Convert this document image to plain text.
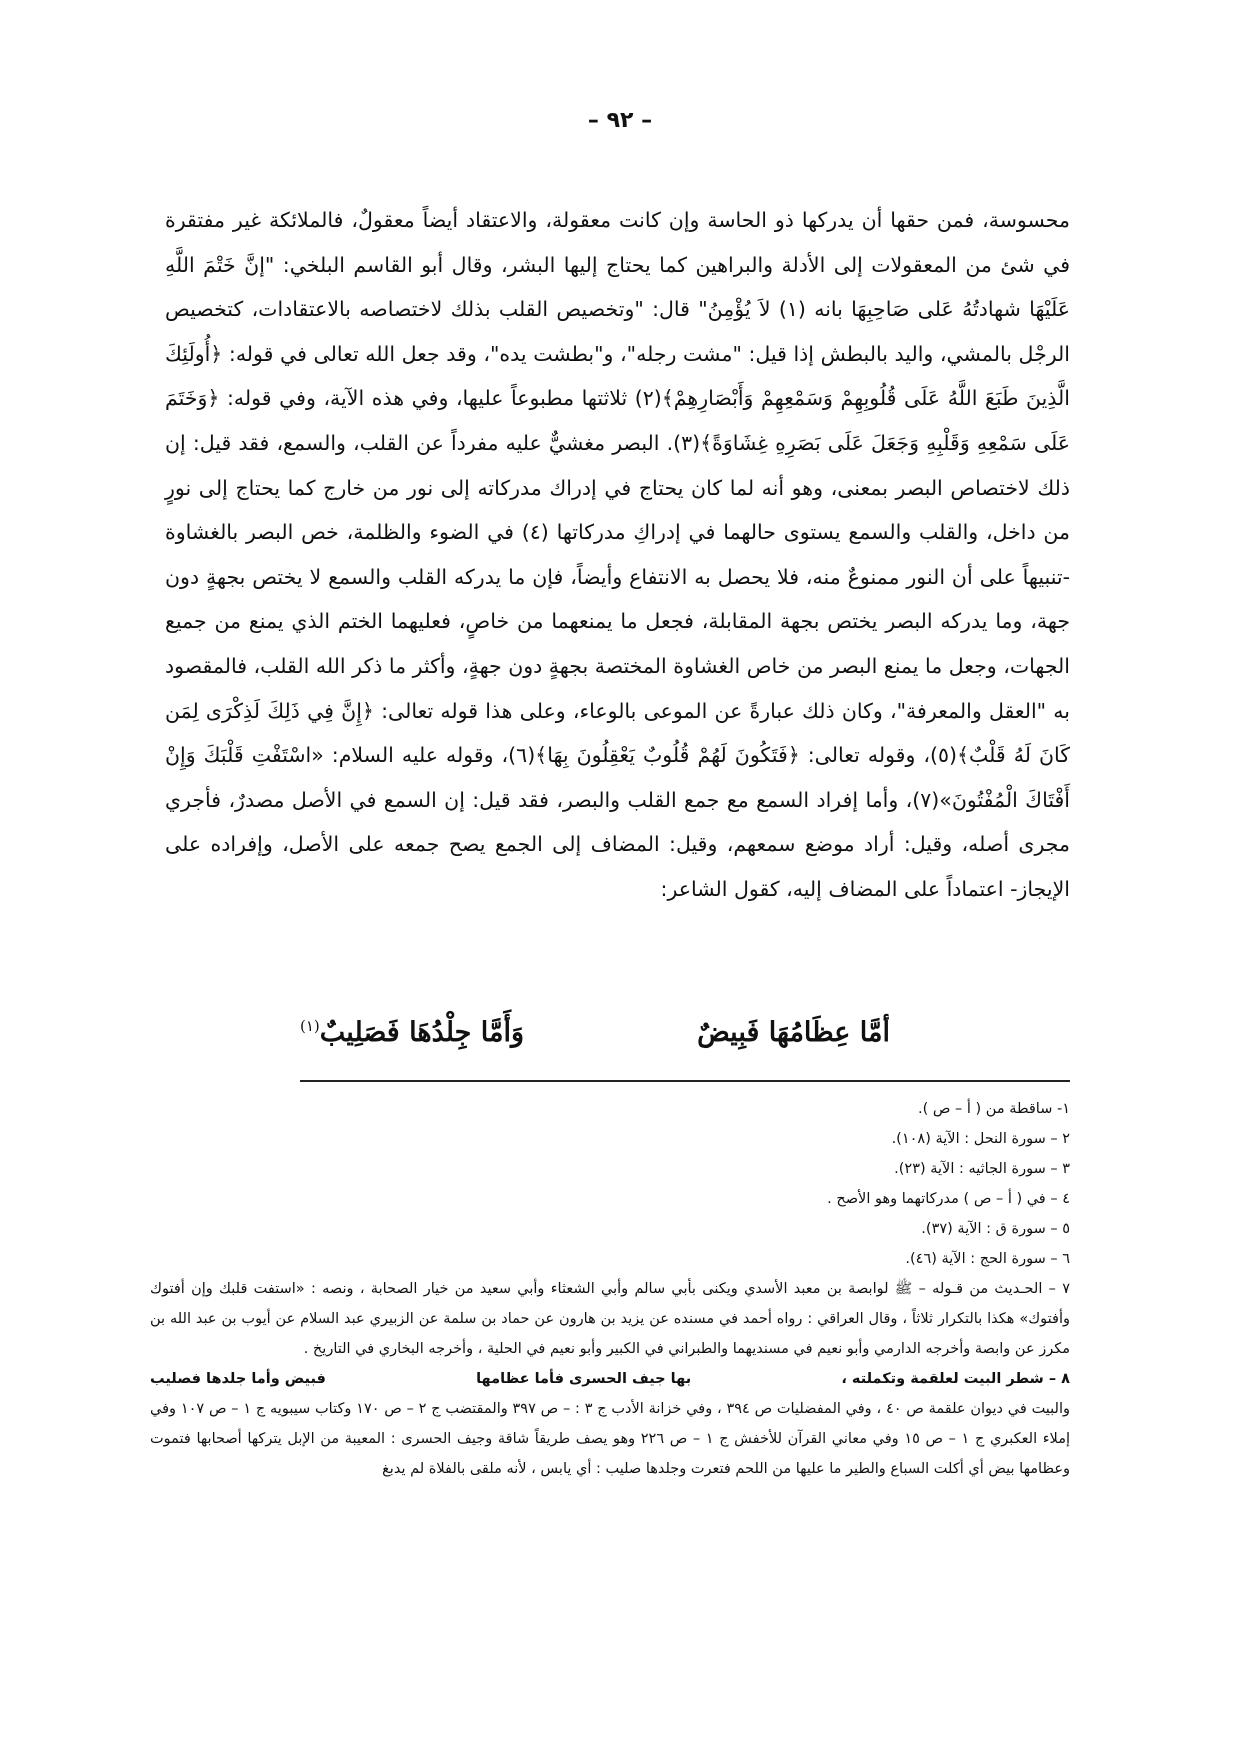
– ٩٢ –

محسوسة، فمن حقها أن يدركها ذو الحاسة وإن كانت معقولة، والاعتقاد أيضاً معقولٌ، فالملائكة غير مفتقرة في شئ من المعقولات إلى الأدلة والبراهين كما يحتاج إليها البشر، وقال أبو القاسم البلخي: "إنَّ خَتْمَ اللَّهِ عَلَيْهَا شهادتُهُ عَلى صَاحِبِهَا بانه (١) لاَ يُؤْمِنُ" قال: "وتخصيص القلب بذلك لاختصاصه بالاعتقادات، كتخصيص الرجْل بالمشي، واليد بالبطش إذا قيل: "مشت رجله"، و"بطشت يده"، وقد جعل الله تعالى في قوله: ﴿أُولَئِكَ الَّذِينَ طَبَعَ اللَّهُ عَلَى قُلُوبِهِمْ وَسَمْعِهِمْ وَأَبْصَارِهِمْ﴾(٢) ثلاثتها مطبوعاً عليها، وفي هذه الآية، وفي قوله: ﴿وَخَتَمَ عَلَى سَمْعِهِ وَقَلْبِهِ وَجَعَلَ عَلَى بَصَرِهِ غِشَاوَةً﴾(٣). البصر مغشيٌّ عليه مفرداً عن القلب، والسمع، فقد قيل: إن ذلك لاختصاص البصر بمعنى، وهو أنه لما كان يحتاج في إدراك مدركاته إلى نور من خارج كما يحتاج إلى نورٍ من داخل، والقلب والسمع يستوى حالهما في إدراكِ مدركاتها (٤) في الضوء والظلمة، خص البصر بالغشاوة -تنبيهاً على أن النور ممنوعٌ منه، فلا يحصل به الانتفاع وأيضاً، فإن ما يدركه القلب والسمع لا يختص بجهةٍ دون جهة، وما يدركه البصر يختص بجهة المقابلة، فجعل ما يمنعهما من خاصٍ، فعليهما الختم الذي يمنع من جميع الجهات، وجعل ما يمنع البصر من خاص الغشاوة المختصة بجهةٍ دون جهةٍ، وأكثر ما ذكر الله القلب، فالمقصود به "العقل والمعرفة"، وكان ذلك عبارةً عن الموعى بالوعاء، وعلى هذا قوله تعالى: ﴿إِنَّ فِي ذَلِكَ لَذِكْرَى لِمَن كَانَ لَهُ قَلْبٌ﴾(٥)، وقوله تعالى: ﴿فَتَكُونَ لَهُمْ قُلُوبٌ يَعْقِلُونَ بِهَا﴾(٦)، وقوله عليه السلام: «اسْتَفْتِ قَلْبَكَ وَإِنْ أَفْتَاكَ الْمُفْتُونَ»(٧)، وأما إفراد السمع مع جمع القلب والبصر، فقد قيل: إن السمع في الأصل مصدرٌ، فأجري مجرى أصله، وقيل: أراد موضع سمعهم، وقيل: المضاف إلى الجمع يصح جمعه على الأصل، وإفراده على الإيجاز- اعتماداً على المضاف إليه، كقول الشاعر:

أمَّا عِظَامُهَا فَبِيضٌ
وَأَمَّا جِلْدُهَا فَصَلِيبٌ$^{(١)}$

١- ساقطة من ( أ – ص ).

٢ – سورة النحل : الآية (١٠٨).

٣ – سورة الجاثيه : الآية (٢٣).

٤ – في ( أ – ص ) مدركاتهما وهو الأصح .

٥ – سورة ق : الآية (٣٧).

٦ – سورة الحج : الآية (٤٦).

٧ – الحـديث من قـوله – ﷺ لوابصة بن معبد الأسدي ويكنى بأبي سالم وأبي الشعثاء وأبي سعيد من خيار الصحابة ، ونصه : «استفت قلبك وإن أفتوك وأفتوك» هكذا بالتكرار ثلاثاً ، وقال العراقي : رواه أحمد في مسنده عن يزيد بن هارون عن حماد بن سلمة عن الزبيري عبد السلام عن أيوب بن عبد الله بن مكرز عن وابصة وأخرجه الدارمي وأبو نعيم في مسنديهما والطبراني في الكبير وأبو نعيم في الحلية ، وأخرجه البخاري في التاريخ .

٨ – شطر البيت لعلقمة وتكملته ،
بها جيف الحسرى فأما عظامها
فبيض وأما جلدها فصليب

والبيت في ديوان علقمة ص ٤٠ ، وفي المفضليات ص ٣٩٤ ، وفي خزانة الأدب ج ٣ : – ص ٣٩٧ والمقتضب ج ٢ – ص ١٧٠ وكتاب سيبويه ج ١ – ص ١٠٧ وفي إملاء العكبري ج ١ – ص ١٥ وفي معاني القرآن للأخفش ج ١ – ص ٢٢٦ وهو يصف طريقاً شاقة وجيف الحسرى : المعيبة من الإبل يتركها أصحابها فتموت وعظامها بيض أي أكلت السباع والطير ما عليها من اللحم فتعرت وجلدها صليب : أي يابس ، لأنه ملقى بالفلاة لم يدبغ
